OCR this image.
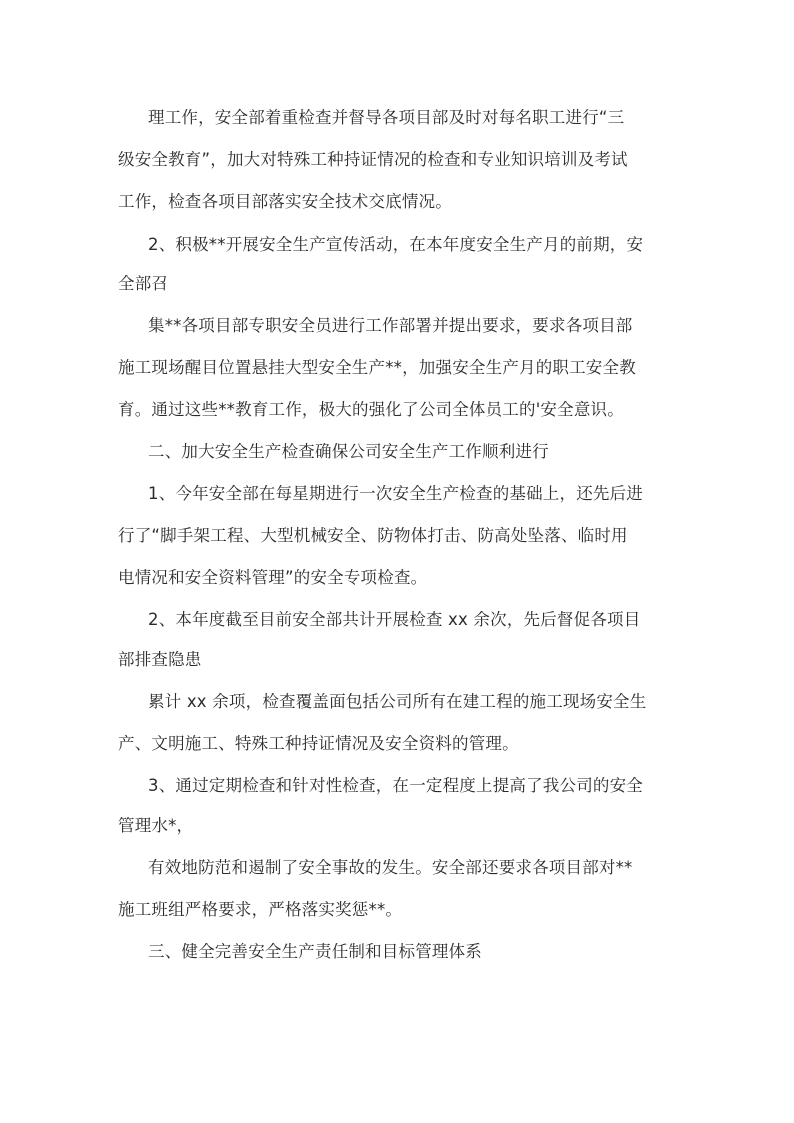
理工作，安全部着重检查并督导各项目部及时对每名职工进行“三
级安全教育”，加大对特殊工种持证情况的检查和专业知识培训及考试
工作，检查各项目部落实安全技术交底情况。
2、积极**开展安全生产宣传活动，在本年度安全生产月的前期，安
全部召
集**各项目部专职安全员进行工作部署并提出要求，要求各项目部
施工现场醒目位置悬挂大型安全生产**，加强安全生产月的职工安全教
育。通过这些**教育工作，极大的强化了公司全体员工的'安全意识。
二、加大安全生产检查确保公司安全生产工作顺利进行
1、今年安全部在每星期进行一次安全生产检查的基础上，还先后进
行了“脚手架工程、大型机械安全、防物体打击、防高处坠落、临时用
电情况和安全资料管理”的安全专项检查。
2、本年度截至目前安全部共计开展检查 xx 余次，先后督促各项目
部排查隐患
累计 xx 余项，检查覆盖面包括公司所有在建工程的施工现场安全生
产、文明施工、特殊工种持证情况及安全资料的管理。
3、通过定期检查和针对性检查，在一定程度上提高了我公司的安全
管理水*，
有效地防范和遏制了安全事故的发生。安全部还要求各项目部对**
施工班组严格要求，严格落实奖惩**。
三、健全完善安全生产责任制和目标管理体系
